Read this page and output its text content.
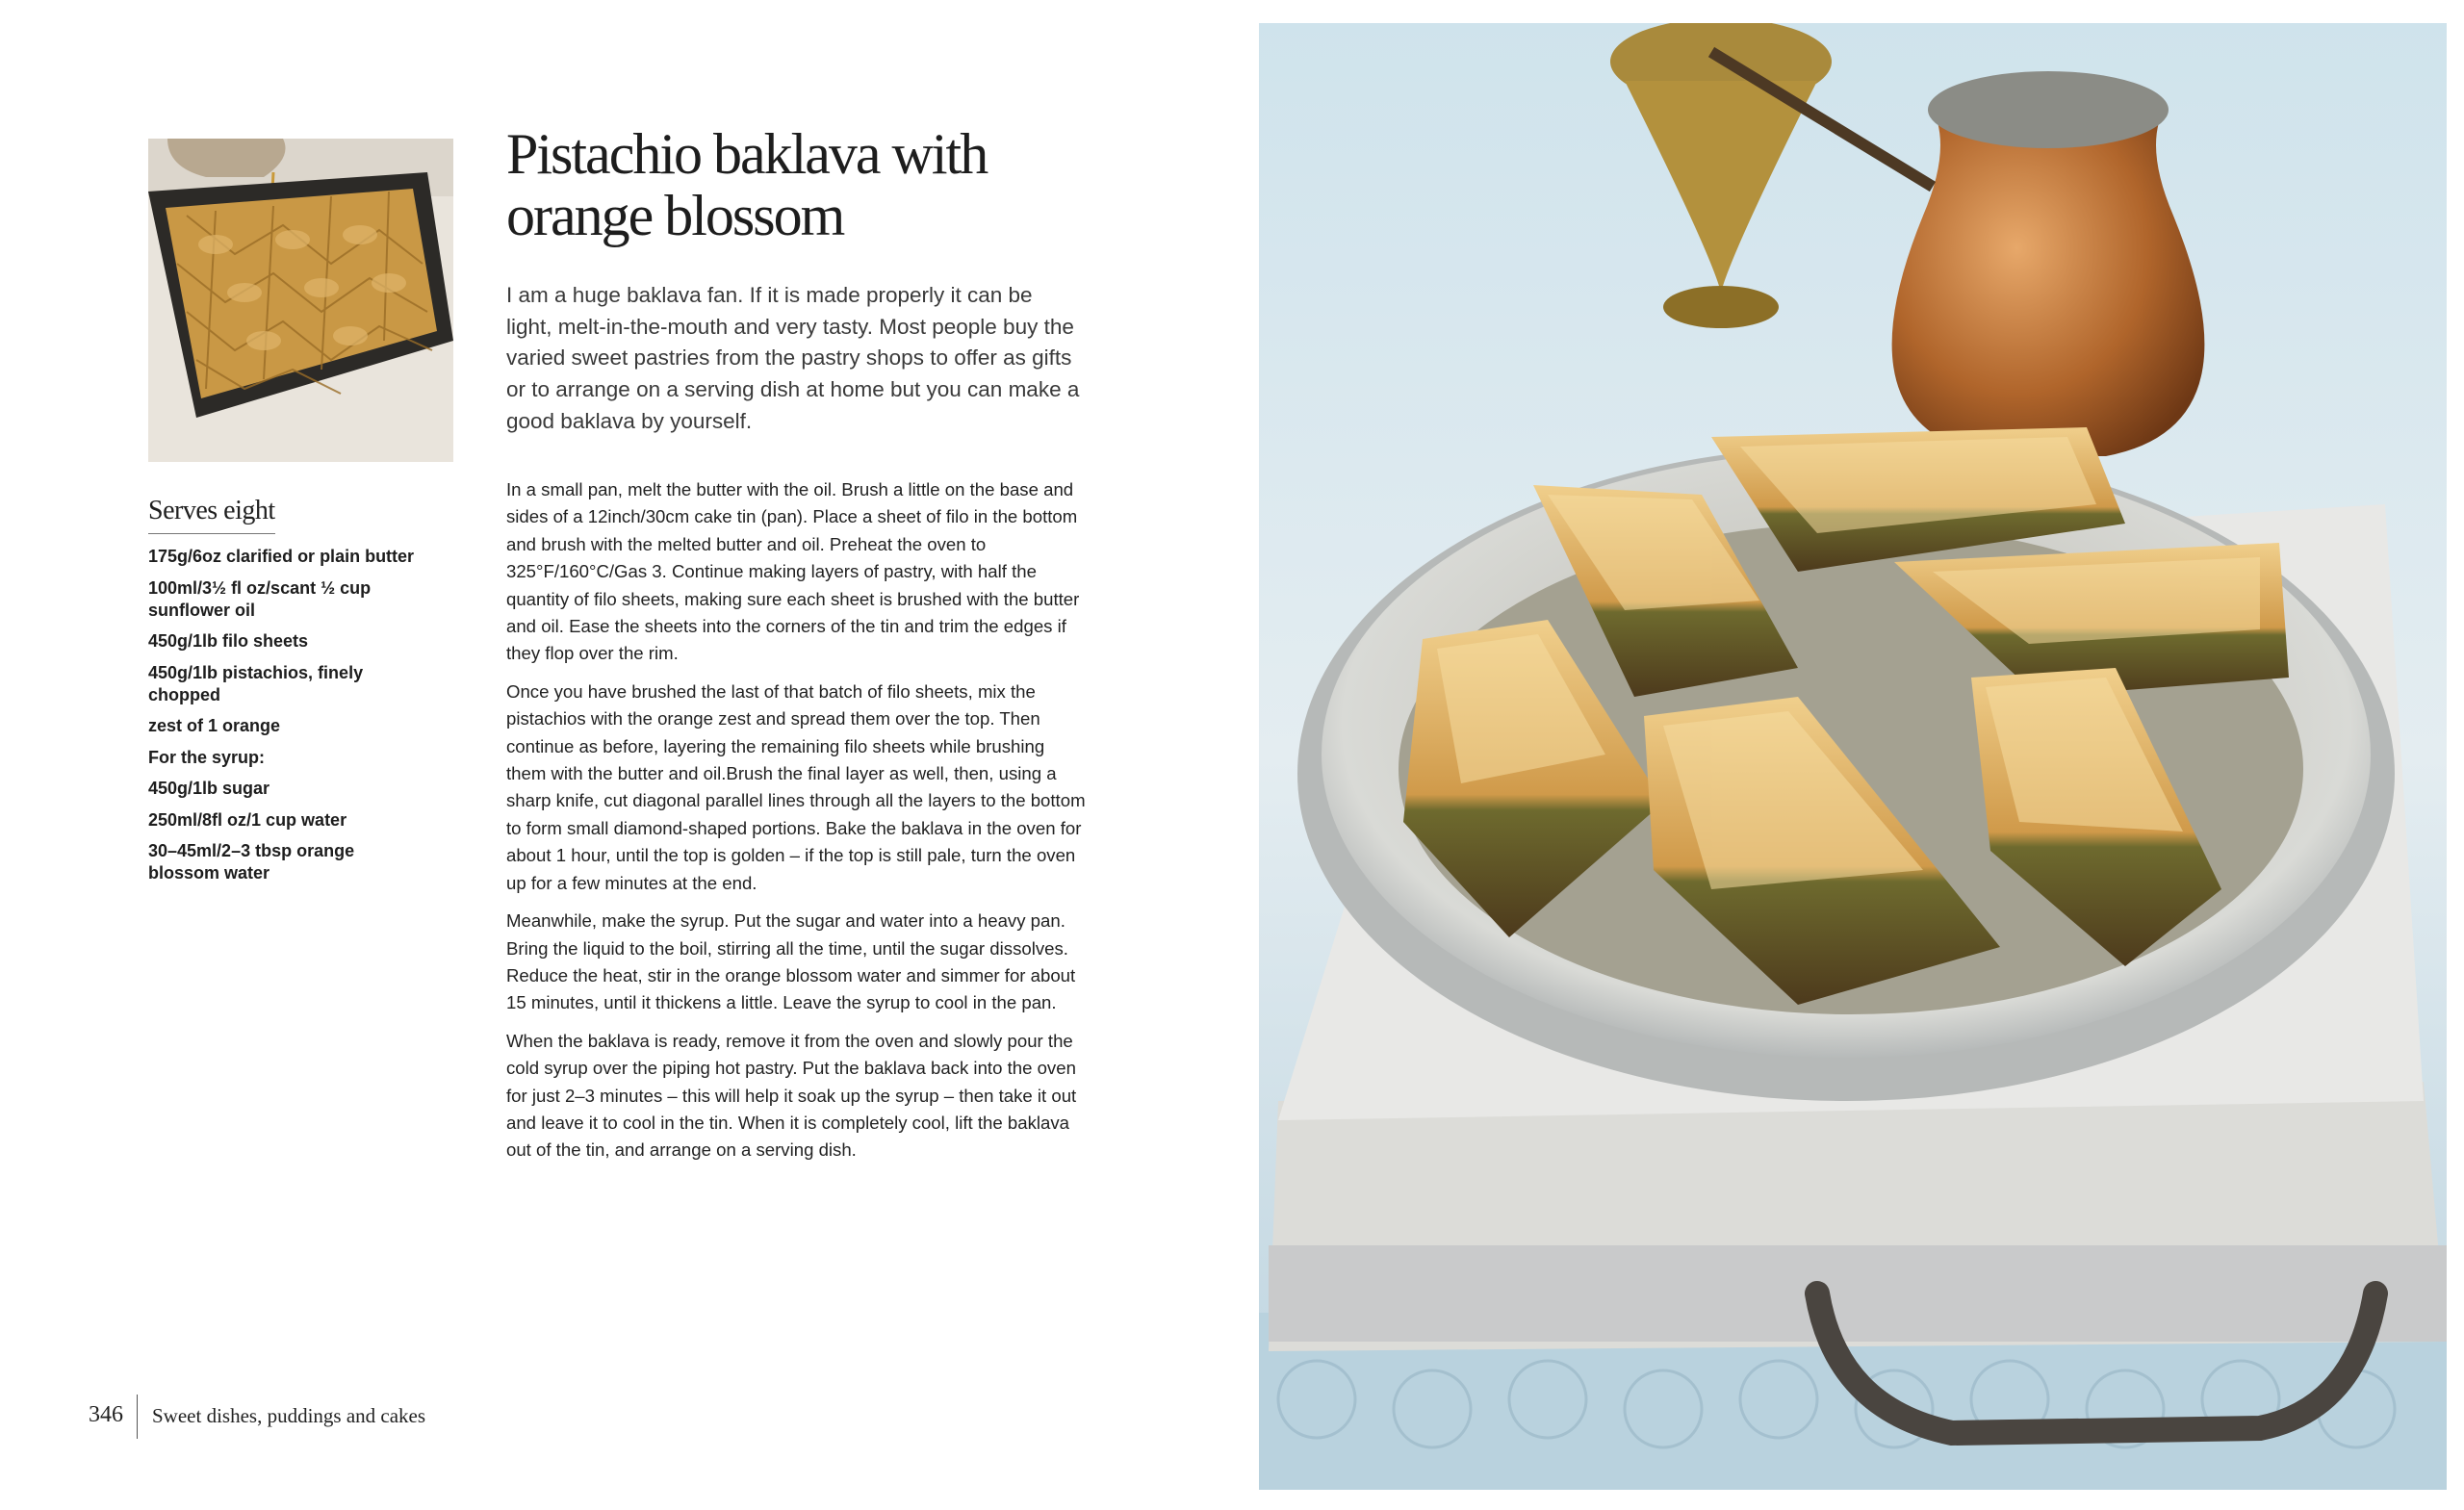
Pistachio baklava with
orange blossom

I am a huge baklava fan. If it is made properly it can be light, melt-in-the-mouth and very tasty. Most people buy the varied sweet pastries from the pastry shops to offer as gifts or to arrange on a serving dish at home but you can make a good baklava by yourself.

In a small pan, melt the butter with the oil. Brush a little on the base and sides of a 12inch/30cm cake tin (pan). Place a sheet of filo in the bottom and brush with the melted butter and oil. Preheat the oven to 325°F/160°C/Gas 3. Continue making layers of pastry, with half the quantity of filo sheets, making sure each sheet is brushed with the butter and oil. Ease the sheets into the corners of the tin and trim the edges if they flop over the rim.

Once you have brushed the last of that batch of filo sheets, mix the pistachios with the orange zest and spread them over the top. Then continue as before, layering the remaining filo sheets while brushing them with the butter and oil.Brush the final layer as well, then, using a sharp knife, cut diagonal parallel lines through all the layers to the bottom to form small diamond-shaped portions. Bake the baklava in the oven for about 1 hour, until the top is golden – if the top is still pale, turn the oven up for a few minutes at the end.

Meanwhile, make the syrup. Put the sugar and water into a heavy pan. Bring the liquid to the boil, stirring all the time, until the sugar dissolves. Reduce the heat, stir in the orange blossom water and simmer for about 15 minutes, until it thickens a little. Leave the syrup to cool in the pan.

When the baklava is ready, remove it from the oven and slowly pour the cold syrup over the piping hot pastry. Put the baklava back into the oven for just 2–3 minutes – this will help it soak up the syrup – then take it out and leave it to cool in the tin. When it is completely cool, lift the baklava out of the tin, and arrange on a serving dish.

Serves eight
175g/6oz clarified or plain butter
100ml/3½ fl oz/scant ½ cup sunflower oil
450g/1lb filo sheets
450g/1lb pistachios, finely chopped
zest of 1 orange
For the syrup:
450g/1lb sugar
250ml/8fl oz/1 cup water
30–45ml/2–3 tbsp orange blossom water
346 Sweet dishes, puddings and cakes
